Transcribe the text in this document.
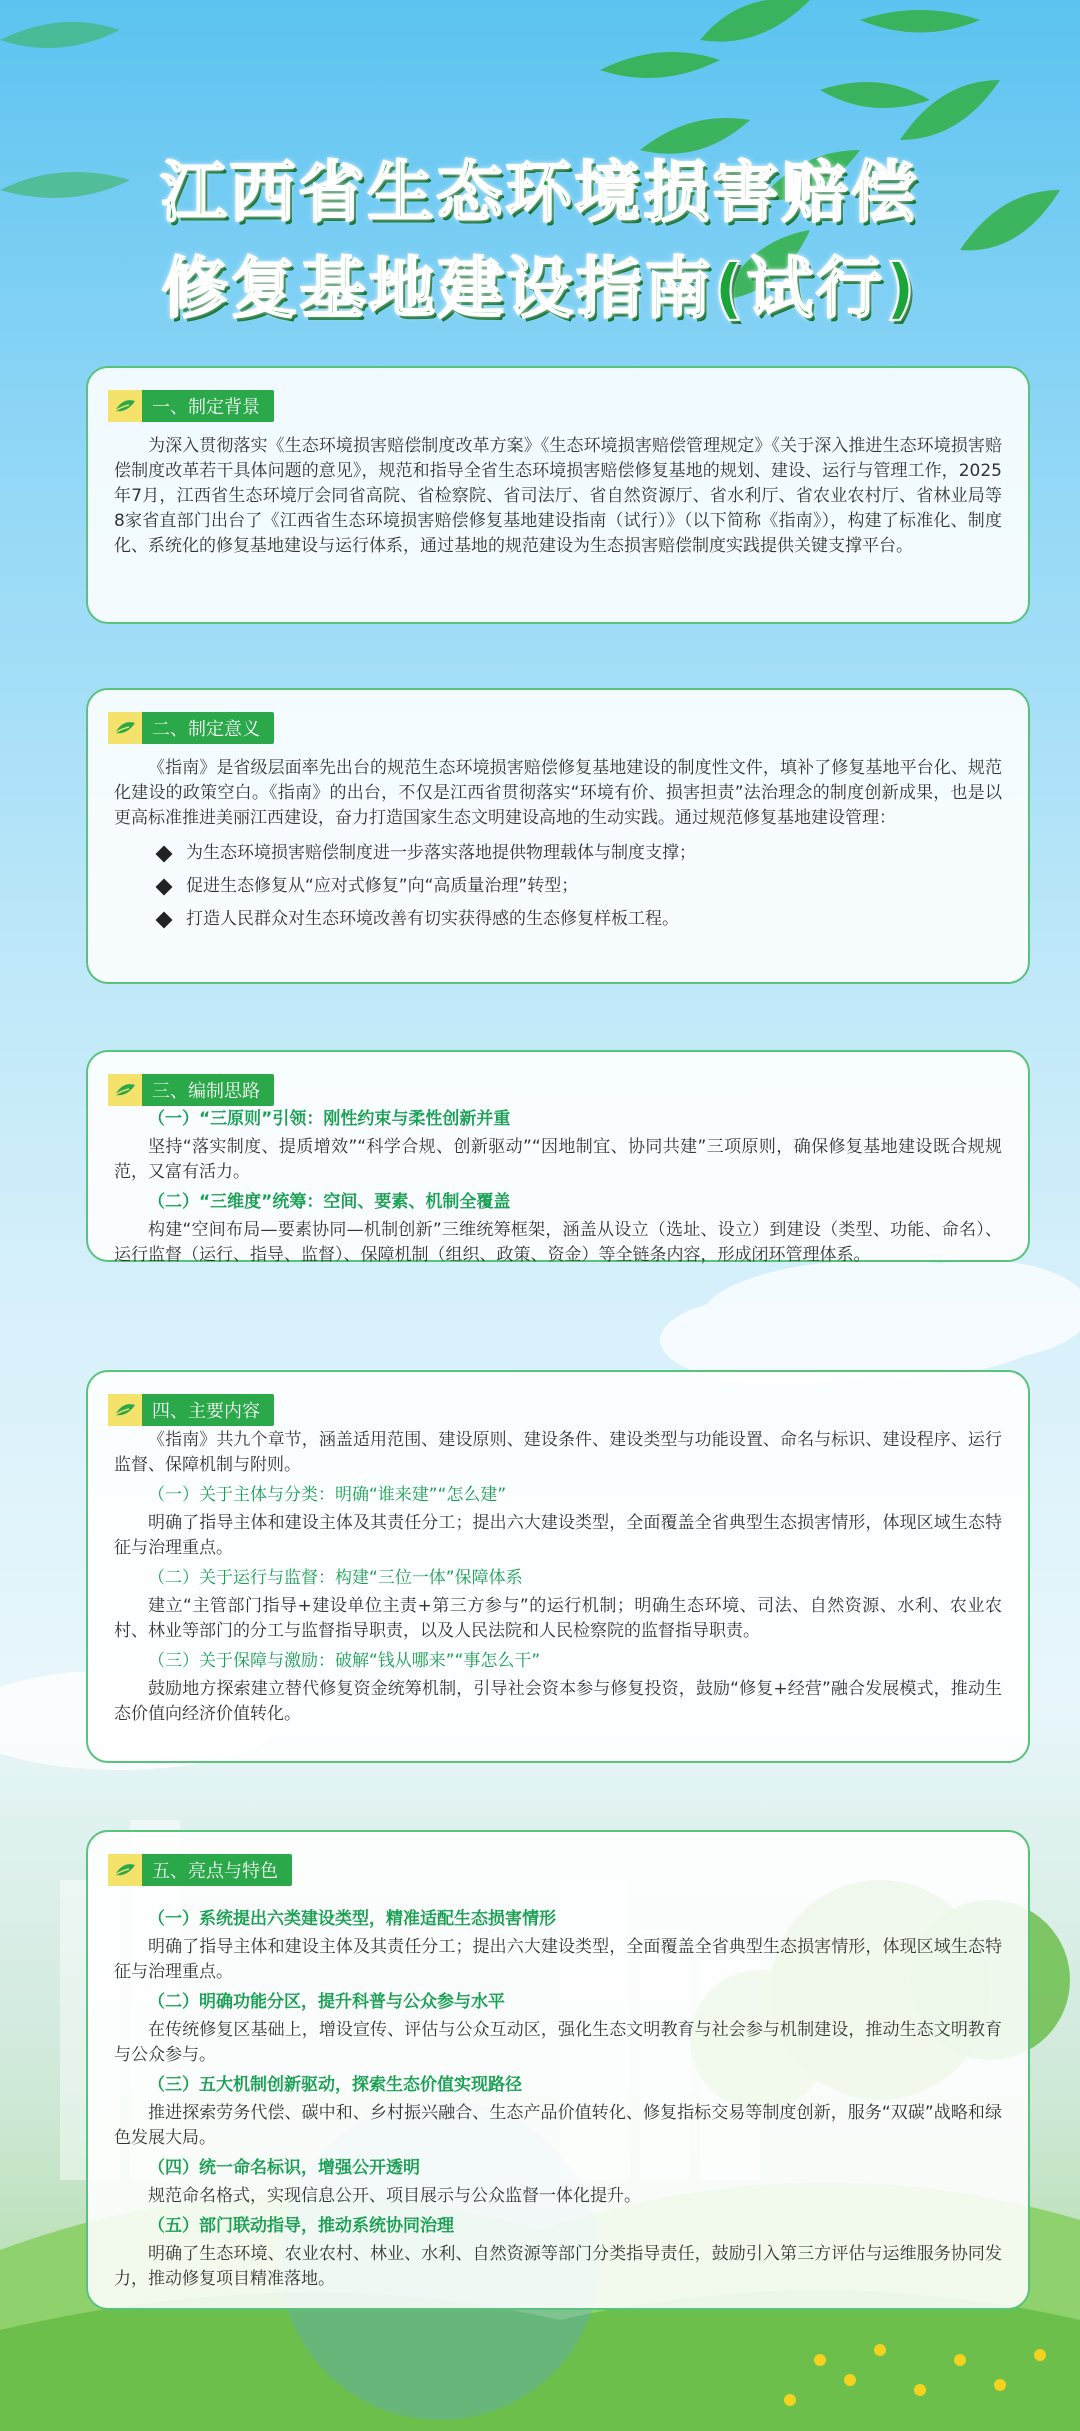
江西省生态环境损害赔偿
修复基地建设指南(试行)
一、制定背景

为深入贯彻落实《生态环境损害赔偿制度改革方案》《生态环境损害赔偿管理规定》《关于深入推进生态环境损害赔偿制度改革若干具体问题的意见》，规范和指导全省生态环境损害赔偿修复基地的规划、建设、运行与管理工作，2025年7月，江西省生态环境厅会同省高院、省检察院、省司法厅、省自然资源厅、省水利厅、省农业农村厅、省林业局等8家省直部门出台了《江西省生态环境损害赔偿修复基地建设指南（试行）》（以下简称《指南》），构建了标准化、制度化、系统化的修复基地建设与运行体系，通过基地的规范建设为生态损害赔偿制度实践提供关键支撑平台。

二、制定意义

《指南》是省级层面率先出台的规范生态环境损害赔偿修复基地建设的制度性文件，填补了修复基地平台化、规范化建设的政策空白。《指南》的出台，不仅是江西省贯彻落实“环境有价、损害担责”法治理念的制度创新成果，也是以更高标准推进美丽江西建设，奋力打造国家生态文明建设高地的生动实践。通过规范修复基地建设管理：

为生态环境损害赔偿制度进一步落实落地提供物理载体与制度支撑；
促进生态修复从“应对式修复”向“高质量治理”转型；
打造人民群众对生态环境改善有切实获得感的生态修复样板工程。
三、编制思路
（一）“三原则”引领：刚性约束与柔性创新并重

坚持“落实制度、提质增效”“科学合规、创新驱动”“因地制宜、协同共建”三项原则，确保修复基地建设既合规规范，又富有活力。

（二）“三维度”统筹：空间、要素、机制全覆盖

构建“空间布局—要素协同—机制创新”三维统筹框架，涵盖从设立（选址、设立）到建设（类型、功能、命名）、运行监督（运行、指导、监督）、保障机制（组织、政策、资金）等全链条内容，形成闭环管理体系。

四、主要内容

《指南》共九个章节，涵盖适用范围、建设原则、建设条件、建设类型与功能设置、命名与标识、建设程序、运行监督、保障机制与附则。

（一）关于主体与分类：明确“谁来建”“怎么建”

明确了指导主体和建设主体及其责任分工；提出六大建设类型，全面覆盖全省典型生态损害情形，体现区域生态特征与治理重点。

（二）关于运行与监督：构建“三位一体”保障体系

建立“主管部门指导+建设单位主责+第三方参与”的运行机制；明确生态环境、司法、自然资源、水利、农业农村、林业等部门的分工与监督指导职责，以及人民法院和人民检察院的监督指导职责。

（三）关于保障与激励：破解“钱从哪来”“事怎么干”

鼓励地方探索建立替代修复资金统筹机制，引导社会资本参与修复投资，鼓励“修复+经营”融合发展模式，推动生态价值向经济价值转化。

五、亮点与特色
（一）系统提出六类建设类型，精准适配生态损害情形

明确了指导主体和建设主体及其责任分工；提出六大建设类型，全面覆盖全省典型生态损害情形，体现区域生态特征与治理重点。

（二）明确功能分区，提升科普与公众参与水平

在传统修复区基础上，增设宣传、评估与公众互动区，强化生态文明教育与社会参与机制建设，推动生态文明教育与公众参与。

（三）五大机制创新驱动，探索生态价值实现路径

推进探索劳务代偿、碳中和、乡村振兴融合、生态产品价值转化、修复指标交易等制度创新，服务“双碳”战略和绿色发展大局。

（四）统一命名标识，增强公开透明

规范命名格式，实现信息公开、项目展示与公众监督一体化提升。

（五）部门联动指导，推动系统协同治理

明确了生态环境、农业农村、林业、水利、自然资源等部门分类指导责任，鼓励引入第三方评估与运维服务协同发力，推动修复项目精准落地。
